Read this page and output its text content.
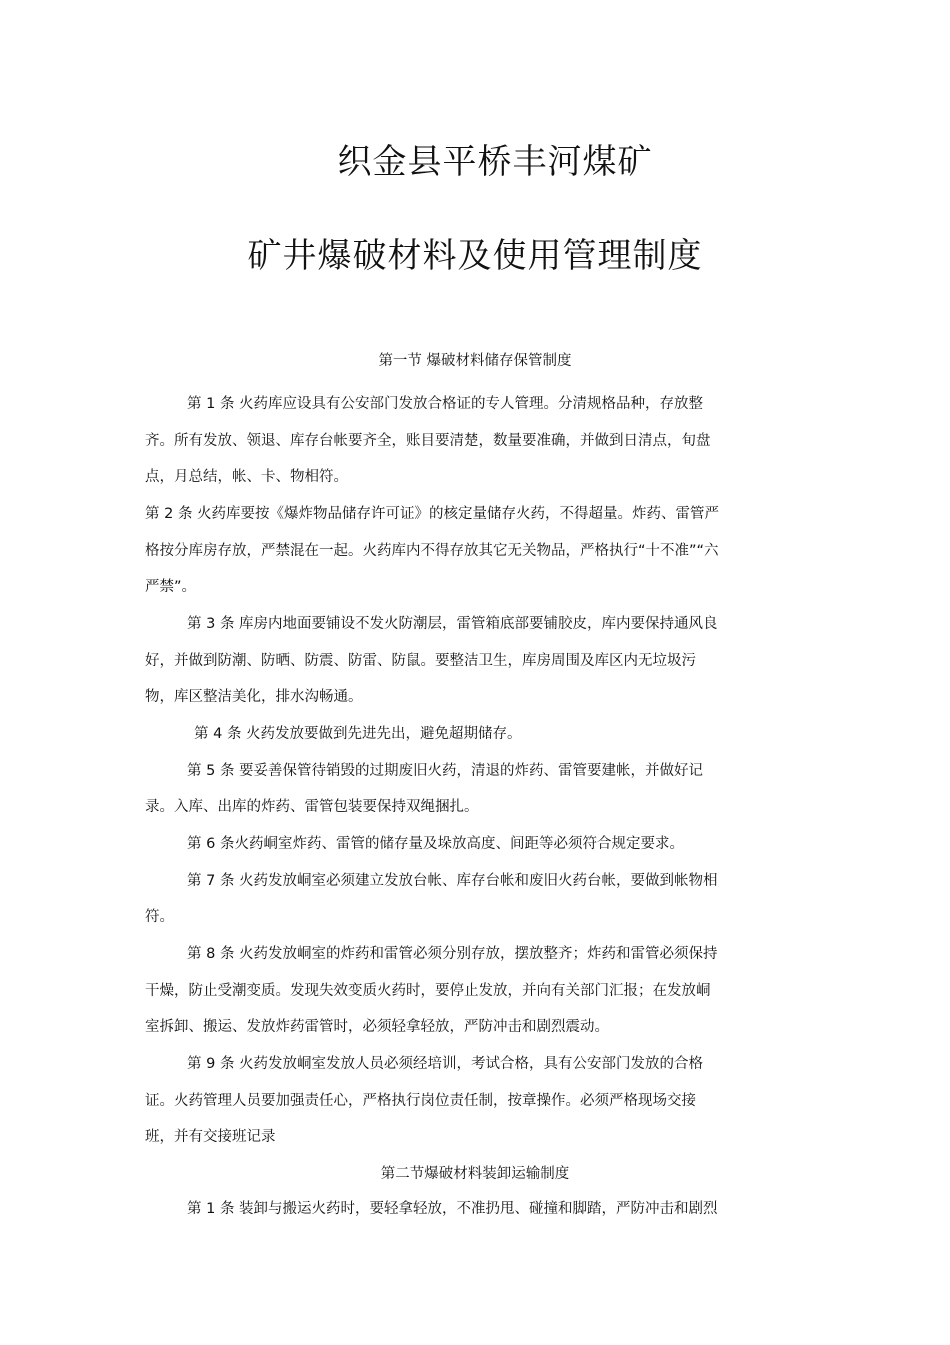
织金县平桥丰河煤矿
矿井爆破材料及使用管理制度
第一节 爆破材料储存保管制度
第 1 条 火药库应设具有公安部门发放合格证的专人管理。分清规格品种，存放整
齐。所有发放、领退、库存台帐要齐全，账目要清楚，数量要准确，并做到日清点，旬盘
点，月总结，帐、卡、物相符。
第 2 条 火药库要按《爆炸物品储存许可证》的核定量储存火药，不得超量。炸药、雷管严
格按分库房存放，严禁混在一起。火药库内不得存放其它无关物品，严格执行“十不准”“六
严禁”。
第 3 条 库房内地面要铺设不发火防潮层，雷管箱底部要铺胶皮，库内要保持通风良
好，并做到防潮、防晒、防震、防雷、防鼠。要整洁卫生，库房周围及库区内无垃圾污
物，库区整洁美化，排水沟畅通。
第 4 条 火药发放要做到先进先出，避免超期储存。
第 5 条 要妥善保管待销毁的过期废旧火药，清退的炸药、雷管要建帐，并做好记
录。入库、出库的炸药、雷管包装要保持双绳捆扎。
第 6 条火药峒室炸药、雷管的储存量及垛放高度、间距等必须符合规定要求。
第 7 条 火药发放峒室必须建立发放台帐、库存台帐和废旧火药台帐，要做到帐物相
符。
第 8 条 火药发放峒室的炸药和雷管必须分别存放，摆放整齐；炸药和雷管必须保持
干燥，防止受潮变质。发现失效变质火药时，要停止发放，并向有关部门汇报；在发放峒
室拆卸、搬运、发放炸药雷管时，必须轻拿轻放，严防冲击和剧烈震动。
第 9 条 火药发放峒室发放人员必须经培训，考试合格，具有公安部门发放的合格
证。火药管理人员要加强责任心，严格执行岗位责任制，按章操作。必须严格现场交接
班，并有交接班记录
第二节爆破材料装卸运输制度
第 1 条 装卸与搬运火药时，要轻拿轻放，不准扔甩、碰撞和脚踏，严防冲击和剧烈
